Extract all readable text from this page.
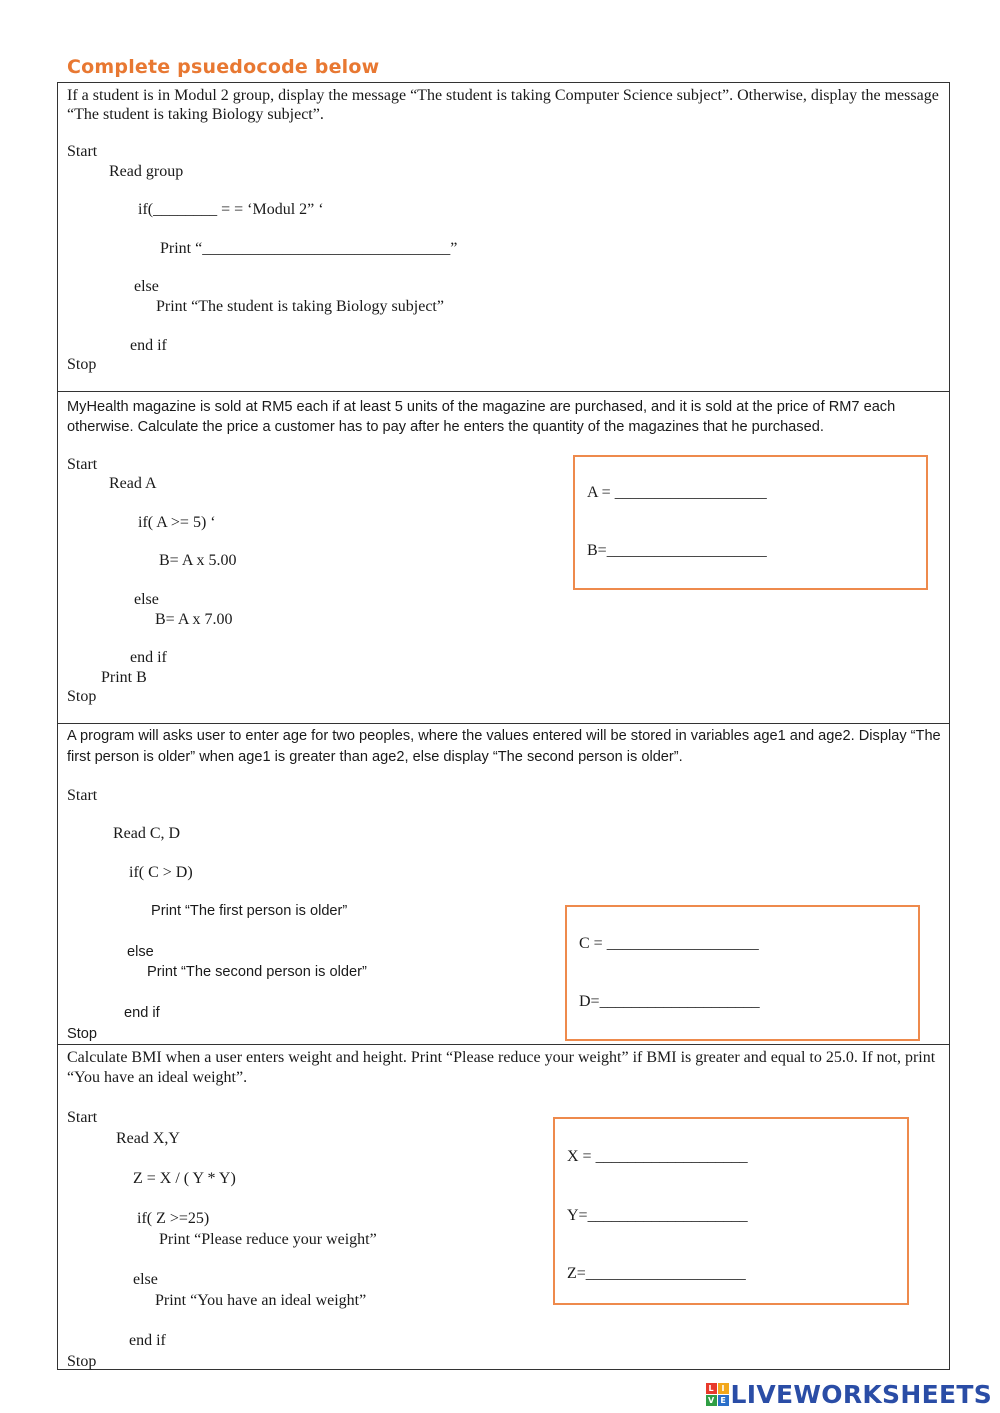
Complete psuedocode below
If a student is in Modul 2 group, display the message “The student is taking Computer Science subject”. Otherwise, display the message “The student is taking Biology subject”.
Start
Read group
if(________ = = ‘Modul 2” ‘
Print “_______________________________”
else
Print “The student is taking Biology subject”
end if
Stop
MyHealth magazine is sold at RM5 each if at least 5 units of the magazine are purchased, and it is sold at the price of RM7 each otherwise. Calculate the price a customer has to pay after he enters the quantity of the magazines that he purchased.
Start
Read A
if( A >= 5) ‘
B= A x 5.00
else
B= A x 7.00
end if
Print B
Stop
A = ___________________
B=____________________
A program will asks user to enter age for two peoples, where the values entered will be stored in variables age1 and age2. Display “The first person is older” when age1 is greater than age2, else display “The second person is older”.
Start
Read C, D
if( C > D)
Print “The first person is older”
else
Print “The second person is older”
end if
Stop
C = ___________________
D=____________________
Calculate BMI when a user enters weight and height. Print “Please reduce your weight” if BMI is greater and equal to 25.0. If not, print “You have an ideal weight”.
Start
Read X,Y
Z = X / ( Y * Y)
if( Z >=25)
Print “Please reduce your weight”
else
Print “You have an ideal weight”
end if
Stop
X = ___________________
Y=____________________
Z=____________________
L I
V E LIVEWORKSHEETS
